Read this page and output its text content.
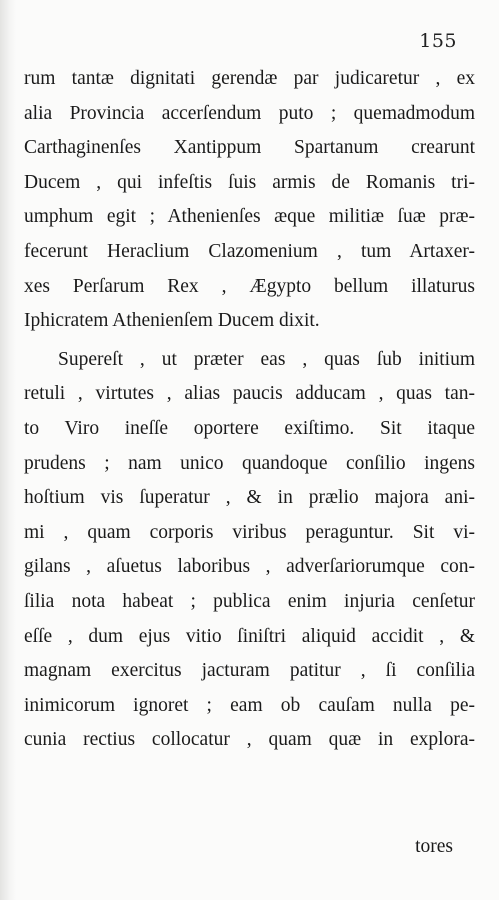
155
rum tantæ dignitati gerendæ par judicaretur , ex
alia Provincia accerſendum puto ; quemadmodum
Carthaginenſes Xantippum Spartanum crearunt
Ducem , qui infeſtis ſuis armis de Romanis tri-
umphum egit ; Athenienſes æque militiæ ſuæ præ-
fecerunt Heraclium Clazomenium , tum Artaxer-
xes Perſarum Rex , Ægypto bellum illaturus
Iphicratem Athenienſem Ducem dixit.
Supereſt , ut præter eas , quas ſub initium
retuli , virtutes , alias paucis adducam , quas tan-
to Viro ineſſe oportere exiſtimo. Sit itaque
prudens ; nam unico quandoque conſilio ingens
hoſtium vis ſuperatur , & in prælio majora ani-
mi , quam corporis viribus peraguntur. Sit vi-
gilans , aſuetus laboribus , adverſariorumque con-
ſilia nota habeat ; publica enim injuria cenſetur
eſſe , dum ejus vitio ſiniſtri aliquid accidit , &
magnam exercitus jacturam patitur , ſi conſilia
inimicorum ignoret ; eam ob cauſam nulla pe-
cunia rectius collocatur , quam quæ in explora-
tores
